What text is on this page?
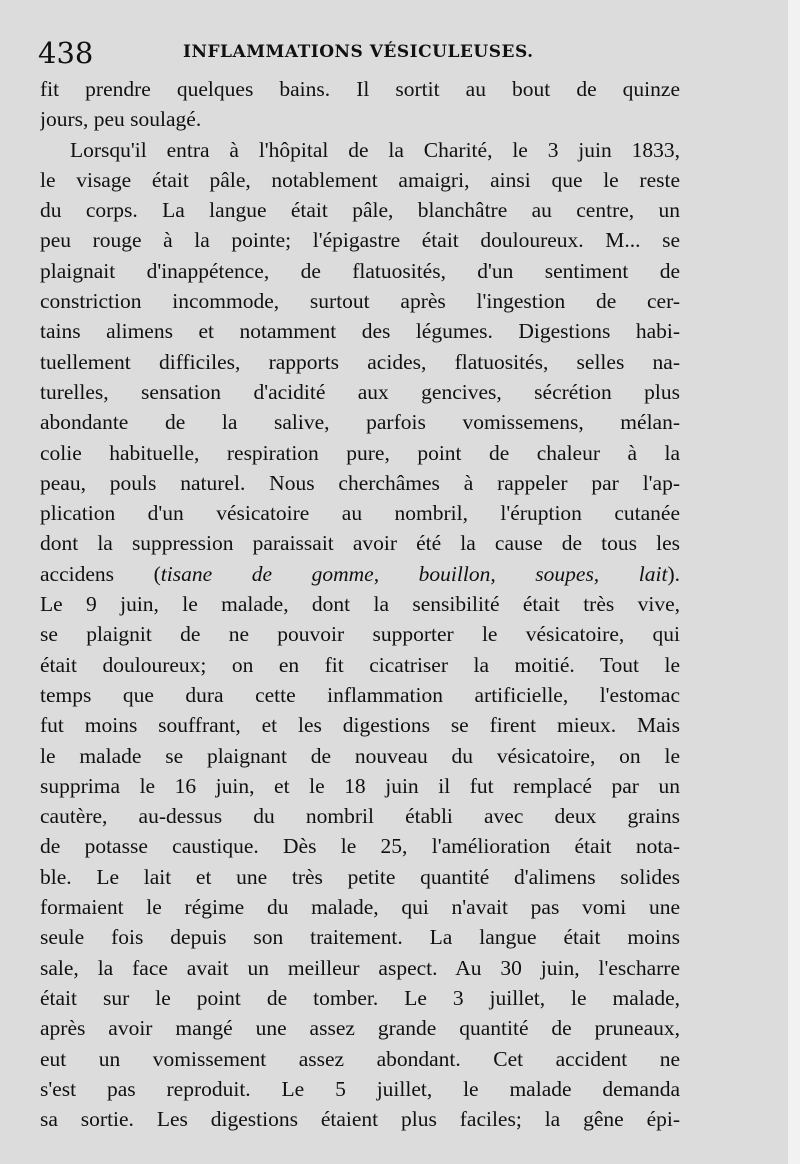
438	INFLAMMATIONS VÉSICULEUSES.
fit prendre quelques bains. Il sortit au bout de quinze
jours, peu soulagé.
Lorsqu'il entra à l'hôpital de la Charité, le 3 juin 1833,
le visage était pâle, notablement amaigri, ainsi que le reste
du corps. La langue était pâle, blanchâtre au centre, un
peu rouge à la pointe; l'épigastre était douloureux. M... se
plaignait d'inappétence, de flatuosités, d'un sentiment de
constriction incommode, surtout après l'ingestion de cer-
tains alimens et notamment des légumes. Digestions habi-
tuellement difficiles, rapports acides, flatuosités, selles na-
turelles, sensation d'acidité aux gencives, sécrétion plus
abondante de la salive, parfois vomissemens, mélan-
colie habituelle, respiration pure, point de chaleur à la
peau, pouls naturel. Nous cherchâmes à rappeler par l'ap-
plication d'un vésicatoire au nombril, l'éruption cutanée
dont la suppression paraissait avoir été la cause de tous les
accidens (tisane de gomme, bouillon, soupes, lait).
Le 9 juin, le malade, dont la sensibilité était très vive,
se plaignit de ne pouvoir supporter le vésicatoire, qui
était douloureux; on en fit cicatriser la moitié. Tout le
temps que dura cette inflammation artificielle, l'estomac
fut moins souffrant, et les digestions se firent mieux. Mais
le malade se plaignant de nouveau du vésicatoire, on le
supprima le 16 juin, et le 18 juin il fut remplacé par un
cautère, au-dessus du nombril établi avec deux grains
de potasse caustique. Dès le 25, l'amélioration était nota-
ble. Le lait et une très petite quantité d'alimens solides
formaient le régime du malade, qui n'avait pas vomi une
seule fois depuis son traitement. La langue était moins
sale, la face avait un meilleur aspect. Au 30 juin, l'escharre
était sur le point de tomber. Le 3 juillet, le malade,
après avoir mangé une assez grande quantité de pruneaux,
eut un vomissement assez abondant. Cet accident ne
s'est pas reproduit. Le 5 juillet, le malade demanda
sa sortie. Les digestions étaient plus faciles; la gêne épi-
